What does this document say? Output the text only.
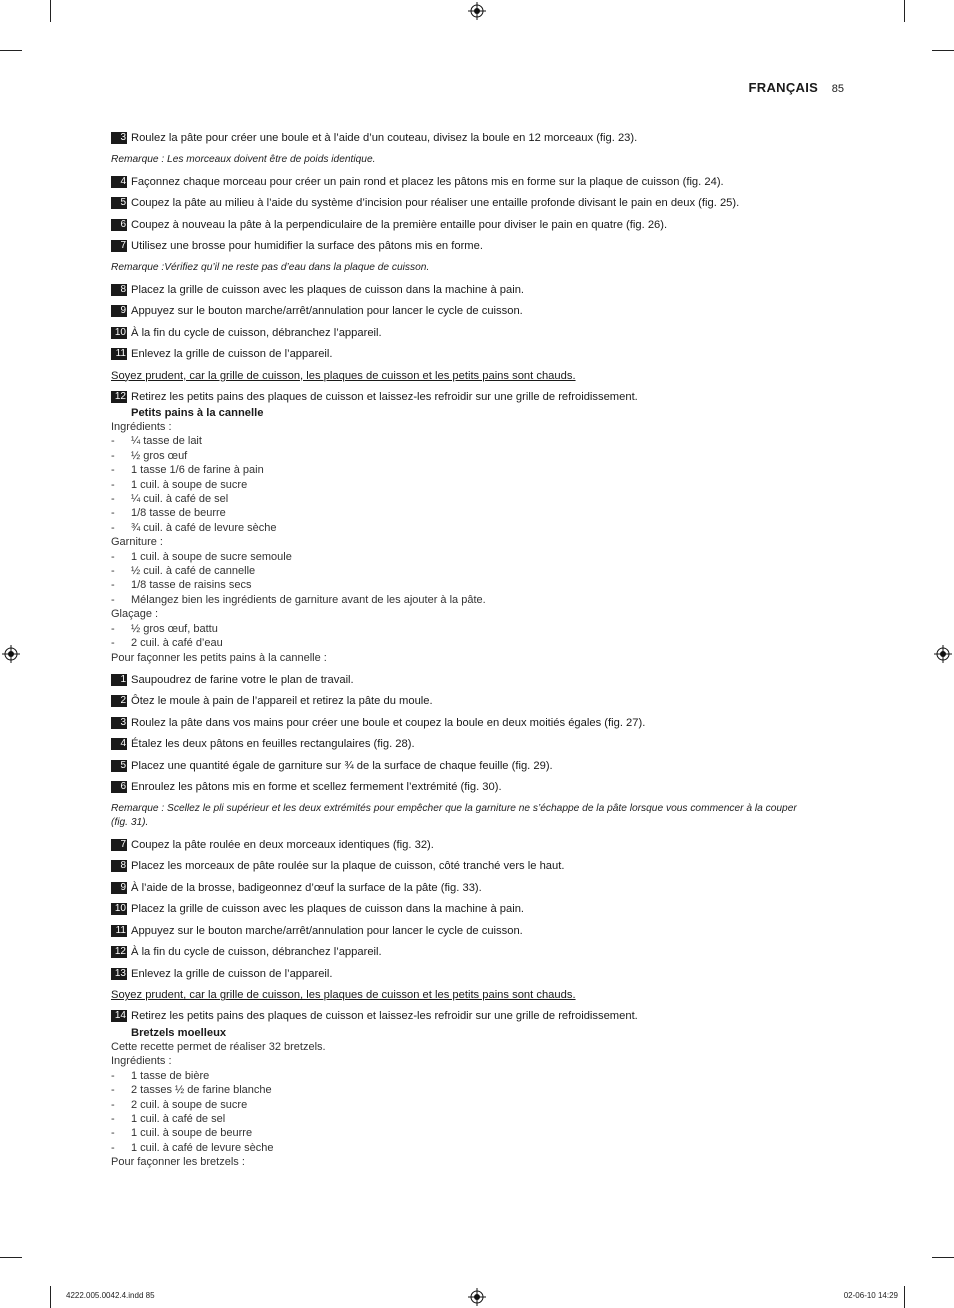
FRANÇAIS 85
3 Roulez la pâte pour créer une boule et à l’aide d’un couteau, divisez la boule en 12 morceaux (fig. 23).
Remarque : Les morceaux doivent être de poids identique.
4 Façonnez chaque morceau pour créer un pain rond et placez les pâtons mis en forme sur la plaque de cuisson (fig. 24).
5 Coupez la pâte au milieu à l’aide du système d’incision pour réaliser une entaille profonde divisant le pain en deux (fig. 25).
6 Coupez à nouveau la pâte à la perpendiculaire de la première entaille pour diviser le pain en quatre (fig. 26).
7 Utilisez une brosse pour humidifier la surface des pâtons mis en forme.
Remarque :Vérifiez qu’il ne reste pas d’eau dans la plaque de cuisson.
8 Placez la grille de cuisson avec les plaques de cuisson dans la machine à pain.
9 Appuyez sur le bouton marche/arrêt/annulation pour lancer le cycle de cuisson.
10 À la fin du cycle de cuisson, débranchez l’appareil.
11 Enlevez la grille de cuisson de l’appareil.
Soyez prudent, car la grille de cuisson, les plaques de cuisson et les petits pains sont chauds.
12 Retirez les petits pains des plaques de cuisson et laissez-les refroidir sur une grille de refroidissement.
Petits pains à la cannelle
Ingrédients :
- ¼ tasse de lait
- ½ gros œuf
- 1 tasse 1/6 de farine à pain
- 1 cuil. à soupe de sucre
- ¼ cuil. à café de sel
- 1/8 tasse de beurre
- ¾ cuil. à café de levure sèche
Garniture :
- 1 cuil. à soupe de sucre semoule
- ½ cuil. à café de cannelle
- 1/8 tasse de raisins secs
- Mélangez bien les ingrédients de garniture avant de les ajouter à la pâte.
Glaçage :
- ½ gros œuf, battu
- 2 cuil. à café d’eau
Pour façonner les petits pains à la cannelle :
1 Saupoudrez de farine votre le plan de travail.
2 Ôtez le moule à pain de l’appareil et retirez la pâte du moule.
3 Roulez la pâte dans vos mains pour créer une boule et coupez la boule en deux moitiés égales (fig. 27).
4 Étalez les deux pâtons en feuilles rectangulaires (fig. 28).
5 Placez une quantité égale de garniture sur ¾ de la surface de chaque feuille (fig. 29).
6 Enroulez les pâtons mis en forme et scellez fermement l’extrémité (fig. 30).
Remarque : Scellez le pli supérieur et les deux extrémités pour empêcher que la garniture ne s’échappe de la pâte lorsque vous commencer à la couper (fig. 31).
7 Coupez la pâte roulée en deux morceaux identiques (fig. 32).
8 Placez les morceaux de pâte roulée sur la plaque de cuisson, côté tranché vers le haut.
9 À l’aide de la brosse, badigeonnez d’œuf la surface de la pâte (fig. 33).
10 Placez la grille de cuisson avec les plaques de cuisson dans la machine à pain.
11 Appuyez sur le bouton marche/arrêt/annulation pour lancer le cycle de cuisson.
12 À la fin du cycle de cuisson, débranchez l’appareil.
13 Enlevez la grille de cuisson de l’appareil.
Soyez prudent, car la grille de cuisson, les plaques de cuisson et les petits pains sont chauds.
14 Retirez les petits pains des plaques de cuisson et laissez-les refroidir sur une grille de refroidissement.
Bretzels moelleux
Cette recette permet de réaliser 32 bretzels.
Ingrédients :
- 1 tasse de bière
- 2 tasses ½ de farine blanche
- 2 cuil. à soupe de sucre
- 1 cuil. à café de sel
- 1 cuil. à soupe de beurre
- 1 cuil. à café de levure sèche
Pour façonner les bretzels :
4222.005.0042.4.indd 85	02-06-10 14:29
